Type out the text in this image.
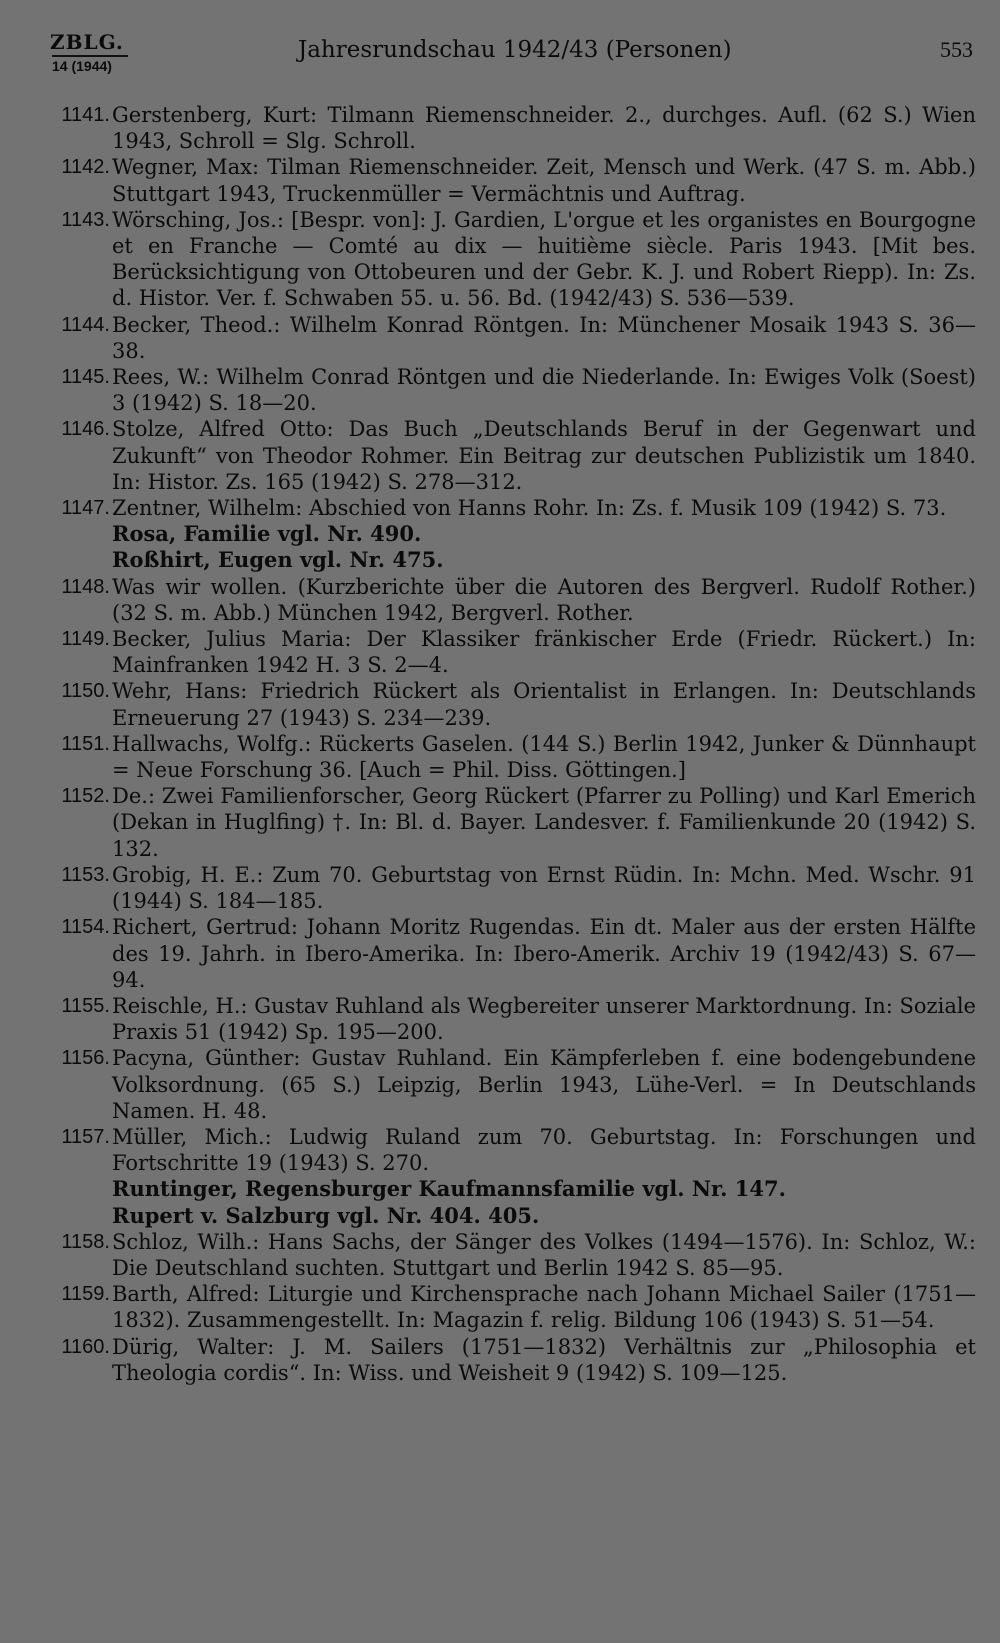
ZBLG.
14 (1944)
Jahresrundschau 1942/43 (Personen)	553
1141. Gerstenberg, Kurt: Tilmann Riemenschneider. 2., durchges. Aufl. (62 S.) Wien 1943, Schroll = Slg. Schroll.
1142. Wegner, Max: Tilman Riemenschneider. Zeit, Mensch und Werk. (47 S. m. Abb.) Stuttgart 1943, Truckenmüller = Vermächtnis und Auftrag.
1143. Wörsching, Jos.: [Bespr. von]: J. Gardien, L'orgue et les organistes en Bourgogne et en Franche — Comté au dix — huitième siècle. Paris 1943. [Mit bes. Berücksichtigung von Ottobeuren und der Gebr. K. J. und Robert Riepp). In: Zs. d. Histor. Ver. f. Schwaben 55. u. 56. Bd. (1942/43) S. 536—539.
1144. Becker, Theod.: Wilhelm Konrad Röntgen. In: Münchener Mosaik 1943 S. 36—38.
1145. Rees, W.: Wilhelm Conrad Röntgen und die Niederlande. In: Ewiges Volk (Soest) 3 (1942) S. 18—20.
1146. Stolze, Alfred Otto: Das Buch „Deutschlands Beruf in der Gegenwart und Zukunft“ von Theodor Rohmer. Ein Beitrag zur deutschen Publizistik um 1840. In: Histor. Zs. 165 (1942) S. 278—312.
1147. Zentner, Wilhelm: Abschied von Hanns Rohr. In: Zs. f. Musik 109 (1942) S. 73.
Rosa, Familie vgl. Nr. 490.
Roßhirt, Eugen vgl. Nr. 475.
1148. Was wir wollen. (Kurzberichte über die Autoren des Bergverl. Rudolf Rother.) (32 S. m. Abb.) München 1942, Bergverl. Rother.
1149. Becker, Julius Maria: Der Klassiker fränkischer Erde (Friedr. Rückert.) In: Mainfranken 1942 H. 3 S. 2—4.
1150. Wehr, Hans: Friedrich Rückert als Orientalist in Erlangen. In: Deutschlands Erneuerung 27 (1943) S. 234—239.
1151. Hallwachs, Wolfg.: Rückerts Gaselen. (144 S.) Berlin 1942, Junker & Dünnhaupt = Neue Forschung 36. [Auch = Phil. Diss. Göttingen.]
1152. De.: Zwei Familienforscher, Georg Rückert (Pfarrer zu Polling) und Karl Emerich (Dekan in Huglfing) †. In: Bl. d. Bayer. Landesver. f. Familienkunde 20 (1942) S. 132.
1153. Grobig, H. E.: Zum 70. Geburtstag von Ernst Rüdin. In: Mchn. Med. Wschr. 91 (1944) S. 184—185.
1154. Richert, Gertrud: Johann Moritz Rugendas. Ein dt. Maler aus der ersten Hälfte des 19. Jahrh. in Ibero-Amerika. In: Ibero-Amerik. Archiv 19 (1942/43) S. 67—94.
1155. Reischle, H.: Gustav Ruhland als Wegbereiter unserer Marktordnung. In: Soziale Praxis 51 (1942) Sp. 195—200.
1156. Pacyna, Günther: Gustav Ruhland. Ein Kämpferleben f. eine bodengebundene Volksordnung. (65 S.) Leipzig, Berlin 1943, Lühe-Verl. = In Deutschlands Namen. H. 48.
1157. Müller, Mich.: Ludwig Ruland zum 70. Geburtstag. In: Forschungen und Fortschritte 19 (1943) S. 270.
Runtinger, Regensburger Kaufmannsfamilie vgl. Nr. 147.
Rupert v. Salzburg vgl. Nr. 404. 405.
1158. Schloz, Wilh.: Hans Sachs, der Sänger des Volkes (1494—1576). In: Schloz, W.: Die Deutschland suchten. Stuttgart und Berlin 1942 S. 85—95.
1159. Barth, Alfred: Liturgie und Kirchensprache nach Johann Michael Sailer (1751—1832). Zusammengestellt. In: Magazin f. relig. Bildung 106 (1943) S. 51—54.
1160. Dürig, Walter: J. M. Sailers (1751—1832) Verhältnis zur „Philosophia et Theologia cordis“. In: Wiss. und Weisheit 9 (1942) S. 109—125.
